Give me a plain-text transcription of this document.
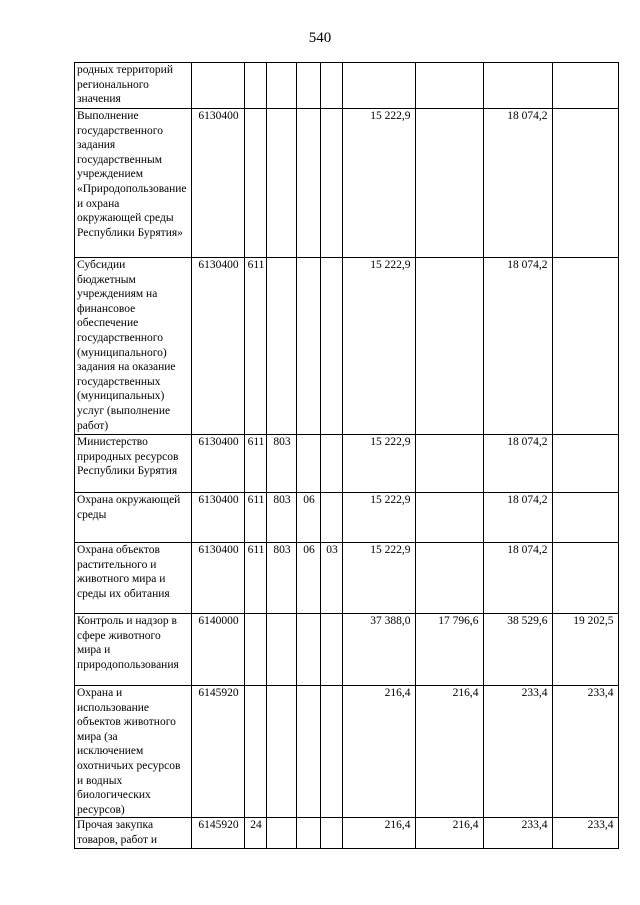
540
родных территорий регионального значения									

Выполнение государственного задания государственным учреждением «Природопользование и охрана окружающей среды Республики Бурятия»	6130400					15 222,9		18 074,2	

Субсидии бюджетным учреждениям на финансовое обеспечение государственного (муниципального) задания на оказание государственных (муниципальных) услуг (выполнение работ)	6130400	611				15 222,9		18 074,2	

Министерство природных ресурсов Республики Бурятия	6130400	611	803			15 222,9		18 074,2	

Охрана окружающей среды	6130400	611	803	06		15 222,9		18 074,2	

Охрана объектов растительного и животного мира и среды их обитания	6130400	611	803	06	03	15 222,9		18 074,2	

Контроль и надзор в сфере животного мира и природопользования	6140000					37 388,0	17 796,6	38 529,6	19 202,5

Охрана и использование объектов животного мира (за исключением охотничьих ресурсов и водных биологических ресурсов)	6145920					216,4	216,4	233,4	233,4

Прочая закупка товаров, работ и	6145920	24				216,4	216,4	233,4	233,4
